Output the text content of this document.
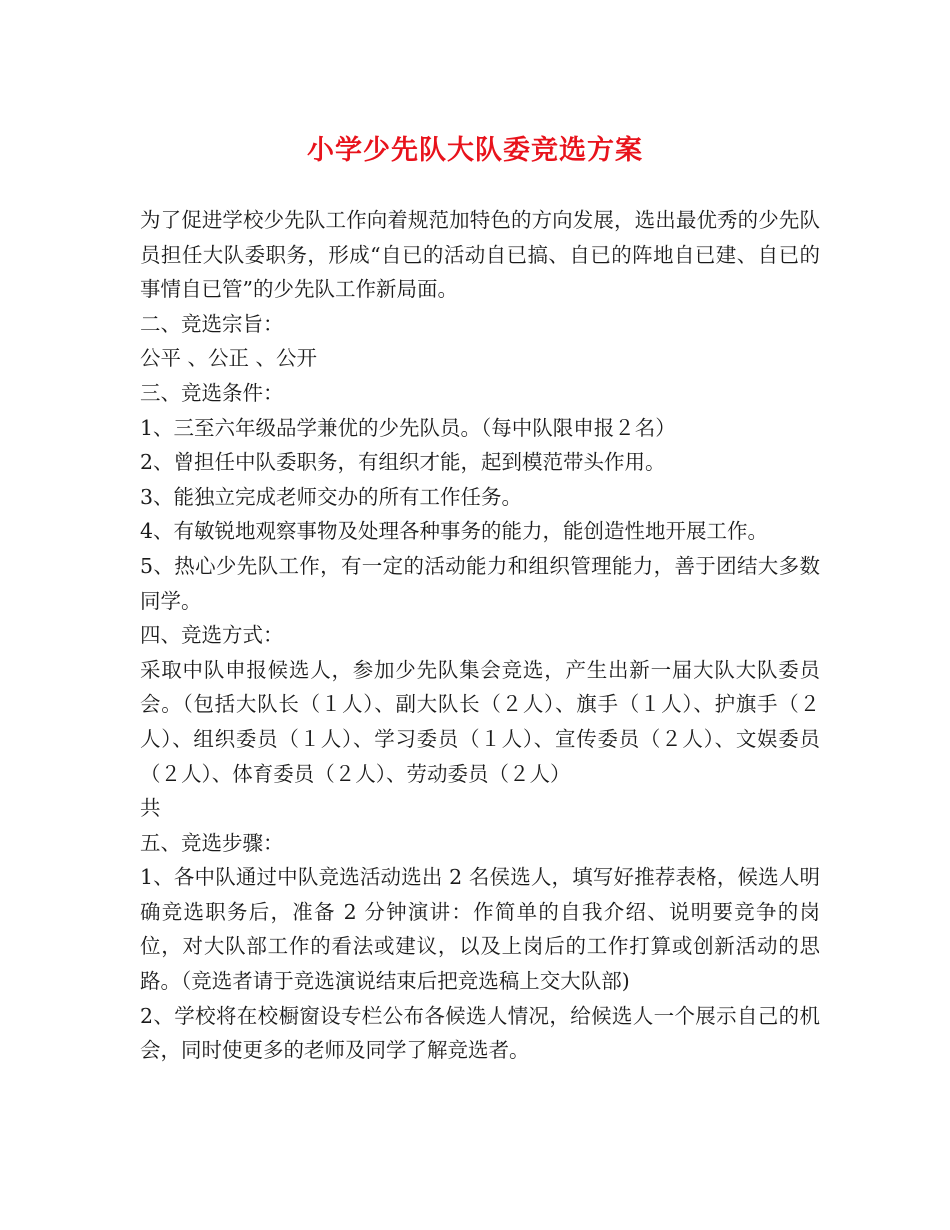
小学少先队大队委竞选方案

为了促进学校少先队工作向着规范加特色的方向发展，选出最优秀的少先队员担任大队委职务，形成“自已的活动自已搞、自已的阵地自已建、自已的事情自已管”的少先队工作新局面。

二、竞选宗旨：

公平 、公正 、公开

三、竞选条件：

1、三至六年级品学兼优的少先队员。（每中队限申报２名）

2、曾担任中队委职务，有组织才能，起到模范带头作用。

3、能独立完成老师交办的所有工作任务。

4、有敏锐地观察事物及处理各种事务的能力，能创造性地开展工作。

5、热心少先队工作，有一定的活动能力和组织管理能力，善于团结大多数同学。

四、竞选方式：

采取中队申报候选人，参加少先队集会竞选，产生出新一届大队大队委员会。（包括大队长（１人）、副大队长（２人）、旗手（１人）、护旗手（２人）、组织委员（１人）、学习委员（１人）、宣传委员（２人）、文娱委员（２人）、体育委员（２人）、劳动委员（２人）

共

五、竞选步骤：

1、各中队通过中队竞选活动选出 2 名侯选人，填写好推荐表格，候选人明确竞选职务后，准备 2 分钟演讲：作简单的自我介绍、说明要竞争的岗位，对大队部工作的看法或建议，以及上岗后的工作打算或创新活动的思路。（竞选者请于竞选演说结束后把竞选稿上交大队部)

2、学校将在校橱窗设专栏公布各候选人情况，给候选人一个展示自己的机会，同时使更多的老师及同学了解竞选者。
